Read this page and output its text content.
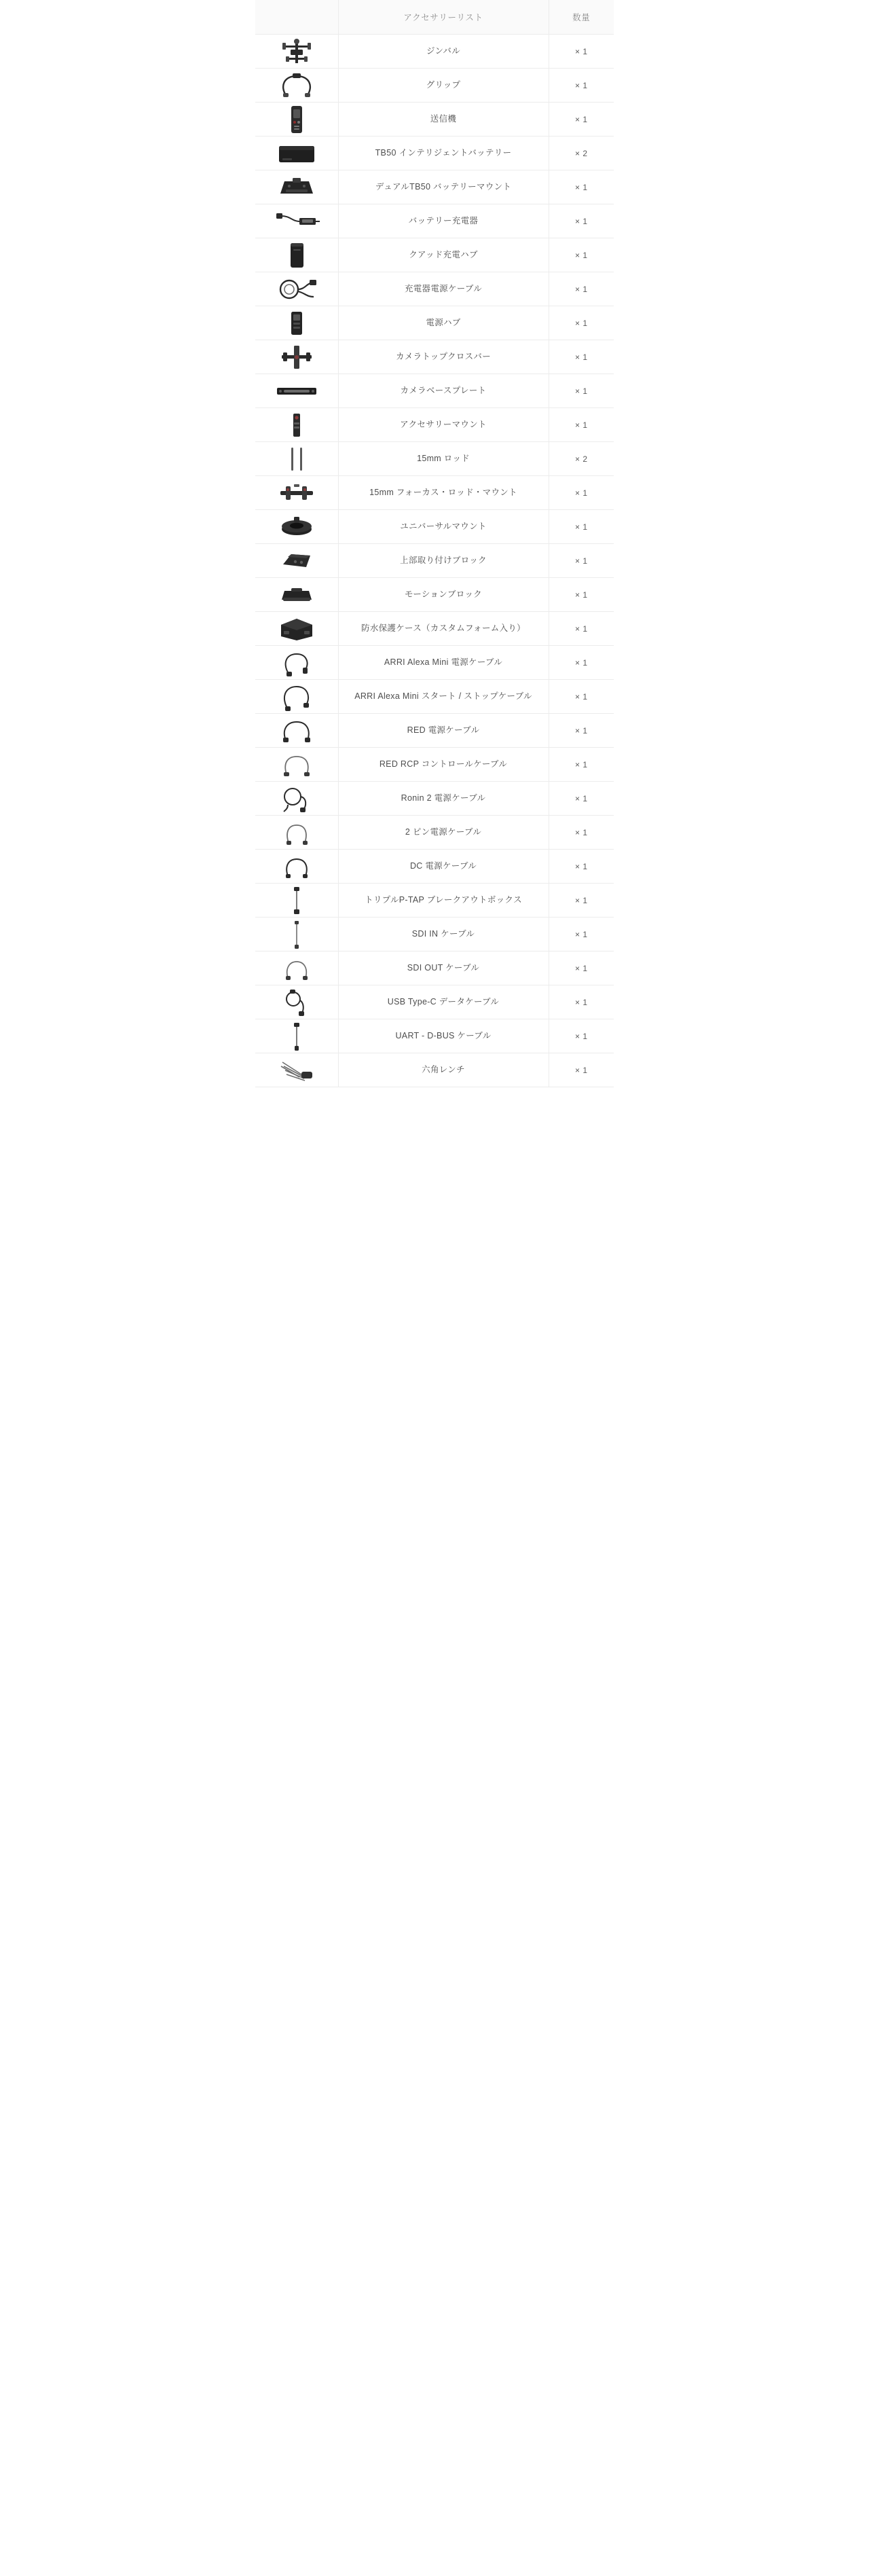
	アクセサリーリスト	数量

	ジンバル	× 1

	グリップ	× 1

	送信機	× 1

	TB50 インテリジェントバッテリー	× 2

	デュアルTB50 バッテリーマウント	× 1

	バッテリー充電器	× 1

	クアッド充電ハブ	× 1

	充電器電源ケーブル	× 1

	電源ハブ	× 1

	カメラトップクロスバー	× 1

	カメラベースプレート	× 1

	アクセサリーマウント	× 1

	15mm ロッド	× 2

	15mm フォーカス・ロッド・マウント	× 1

	ユニバーサルマウント	× 1

	上部取り付けブロック	× 1

	モーションブロック	× 1

	防水保護ケース（カスタムフォーム入り）	× 1

	ARRI Alexa Mini 電源ケーブル	× 1

	ARRI Alexa Mini スタート / ストップケーブル	× 1

	RED 電源ケーブル	× 1

	RED RCP コントロールケーブル	× 1

	Ronin 2 電源ケーブル	× 1

	2 ピン電源ケーブル	× 1

	DC 電源ケーブル	× 1

	トリプルP-TAP ブレークアウトボックス	× 1

	SDI IN ケーブル	× 1

	SDI OUT ケーブル	× 1

	USB Type-C データケーブル	× 1

	UART - D-BUS ケーブル	× 1

	六角レンチ	× 1
